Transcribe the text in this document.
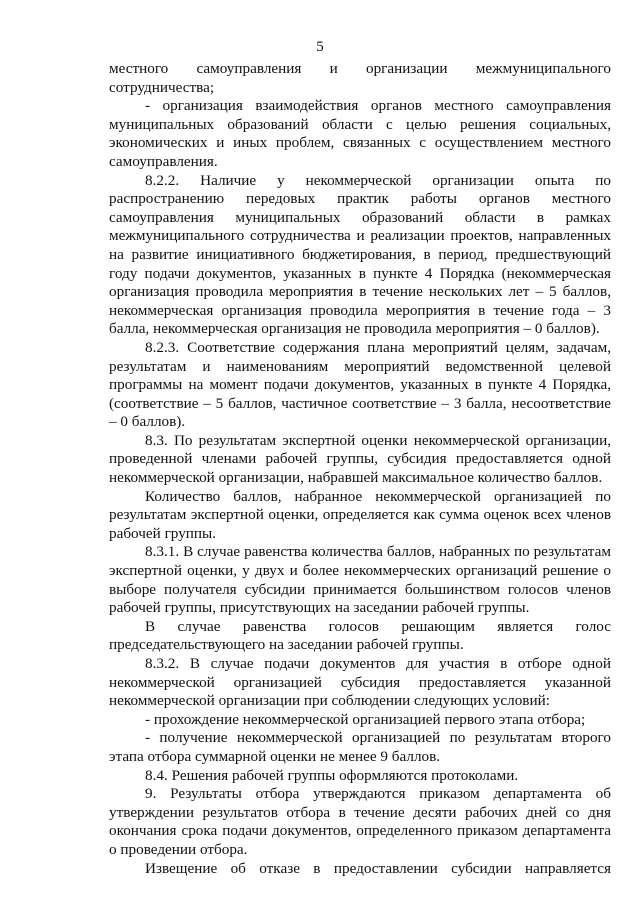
5

местного самоуправления и организации межмуниципального сотрудничества;

- организация взаимодействия органов местного самоуправления муниципальных образований области с целью решения социальных, экономических и иных проблем, связанных с осуществлением местного самоуправления.

8.2.2. Наличие у некоммерческой организации опыта по распространению передовых практик работы органов местного самоуправления муниципальных образований области в рамках межмуниципального сотрудничества и реализации проектов, направленных на развитие инициативного бюджетирования, в период, предшествующий году подачи документов, указанных в пункте 4 Порядка (некоммерческая организация проводила мероприятия в течение нескольких лет – 5 баллов, некоммерческая организация проводила мероприятия в течение года – 3 балла, некоммерческая организация не проводила мероприятия – 0 баллов).

8.2.3. Соответствие содержания плана мероприятий целям, задачам, результатам и наименованиям мероприятий ведомственной целевой программы на момент подачи документов, указанных в пункте 4 Порядка, (соответствие – 5 баллов, частичное соответствие – 3 балла, несоответствие – 0 баллов).

8.3. По результатам экспертной оценки некоммерческой организации, проведенной членами рабочей группы, субсидия предоставляется одной некоммерческой организации, набравшей максимальное количество баллов.

Количество баллов, набранное некоммерческой организацией по результатам экспертной оценки, определяется как сумма оценок всех членов рабочей группы.

8.3.1. В случае равенства количества баллов, набранных по результатам экспертной оценки, у двух и более некоммерческих организаций решение о выборе получателя субсидии принимается большинством голосов членов рабочей группы, присутствующих на заседании рабочей группы.

В случае равенства голосов решающим является голос председательствующего на заседании рабочей группы.

8.3.2. В случае подачи документов для участия в отборе одной некоммерческой организацией субсидия предоставляется указанной некоммерческой организации при соблюдении следующих условий:

- прохождение некоммерческой организацией первого этапа отбора;

- получение некоммерческой организацией по результатам второго этапа отбора суммарной оценки не менее 9 баллов.

8.4. Решения рабочей группы оформляются протоколами.

9. Результаты отбора утверждаются приказом департамента об утверждении результатов отбора в течение десяти рабочих дней со дня окончания срока подачи документов, определенного приказом департамента о проведении отбора.

Извещение об отказе в предоставлении субсидии направляется
